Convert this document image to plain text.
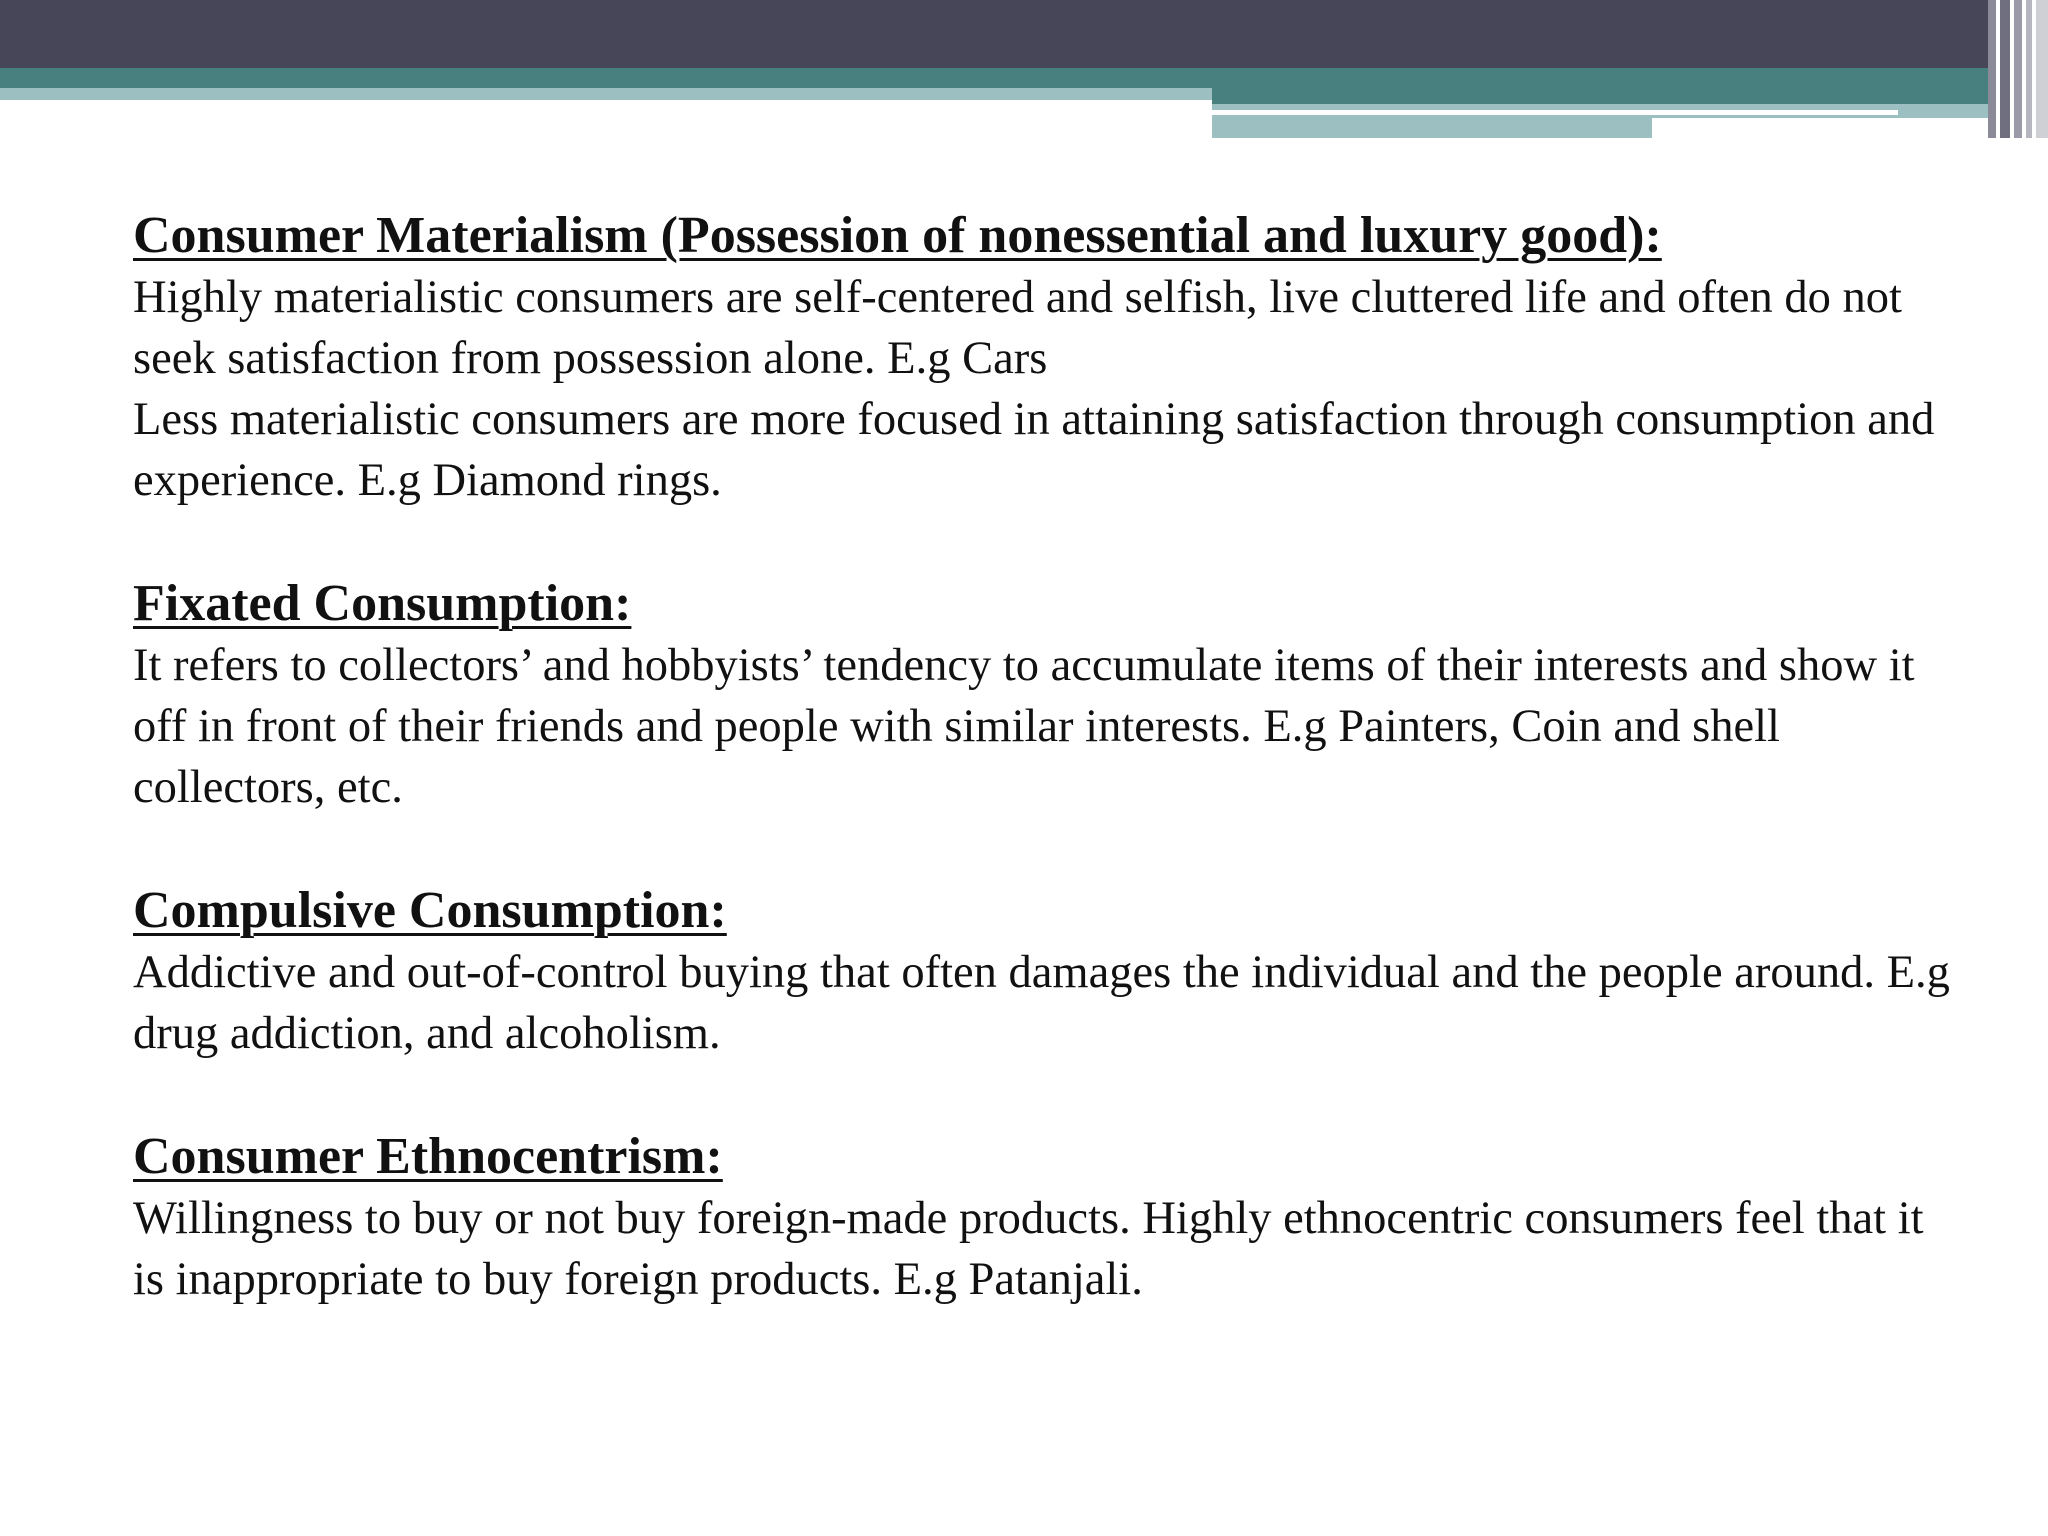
Consumer Materialism (Possession of nonessential and luxury good):

Highly materialistic consumers are self-centered and selfish, live cluttered life and often do not seek satisfaction from possession alone. E.g Cars

Less materialistic consumers are more focused in attaining satisfaction through consumption and experience. E.g Diamond rings.

Fixated Consumption:

It refers to collectors’ and hobbyists’ tendency to accumulate items of their interests and show it off in front of their friends and people with similar interests. E.g Painters, Coin and shell collectors, etc.

Compulsive Consumption:

Addictive and out-of-control buying that often damages the individual and the people around. E.g drug addiction, and alcoholism.

Consumer Ethnocentrism:

Willingness to buy or not buy foreign-made products. Highly ethnocentric consumers feel that it is inappropriate to buy foreign products. E.g Patanjali.
